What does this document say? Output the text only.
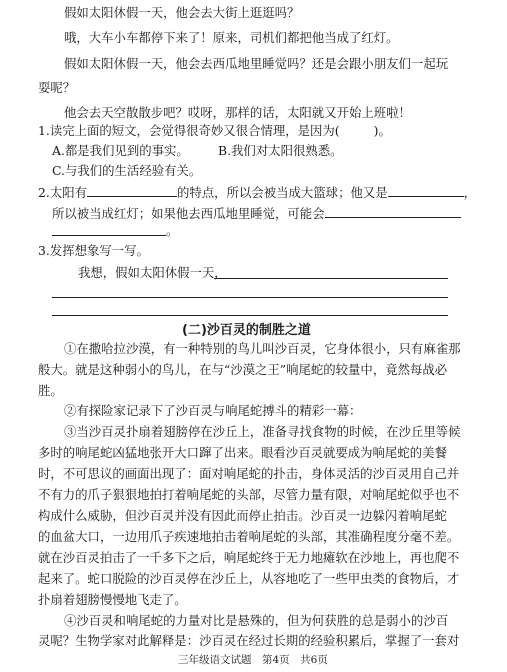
假如太阳休假一天，他会去大街上逛逛吗？
哦，大车小车都停下来了！原来，司机们都把他当成了红灯。
假如太阳休假一天，他会去西瓜地里睡觉吗？还是会跟小朋友们一起玩
耍呢？
他会去天空散散步吧？哎呀，那样的话，太阳就又开始上班啦！
1.读完上面的短文，会觉得很奇妙又很合情理，是因为(	)。
A.都是我们见到的事实。 B.我们对太阳很熟悉。
C.与我们的生活经验有关。
2.太阳有	的特点，所以会被当成大篮球；他又是	，
所以被当成红灯；如果他去西瓜地里睡觉，可能会
。
3.发挥想象写一写。
我想，假如太阳休假一天，
(二)沙百灵的制胜之道
①在撒哈拉沙漠，有一种特别的鸟儿叫沙百灵，它身体很小，只有麻雀那
般大。就是这种弱小的鸟儿，在与“沙漠之王”响尾蛇的较量中，竟然每战必
胜。
②有探险家记录下了沙百灵与响尾蛇搏斗的精彩一幕：
③当沙百灵扑扇着翅膀停在沙丘上，准备寻找食物的时候，在沙丘里等候
多时的响尾蛇凶猛地张开大口蹿了出来。眼看沙百灵就要成为响尾蛇的美餐
时，不可思议的画面出现了：面对响尾蛇的扑击，身体灵活的沙百灵用自己并
不有力的爪子狠狠地拍打着响尾蛇的头部，尽管力量有限，对响尾蛇似乎也不
构成什么威胁，但沙百灵并没有因此而停止拍击。沙百灵一边躲闪着响尾蛇
的血盆大口，一边用爪子疾速地拍击着响尾蛇的头部，其准确程度分毫不差。
就在沙百灵拍击了一千多下之后，响尾蛇终于无力地瘫软在沙地上，再也爬不
起来了。蛇口脱险的沙百灵停在沙丘上，从容地吃了一些甲虫类的食物后，才
扑扇着翅膀慢慢地飞走了。
④沙百灵和响尾蛇的力量对比是悬殊的，但为何获胜的总是弱小的沙百
灵呢？生物学家对此解释是：沙百灵在经过长期的经验积累后，掌握了一套对
三年级语文试题　第4页　共6页
